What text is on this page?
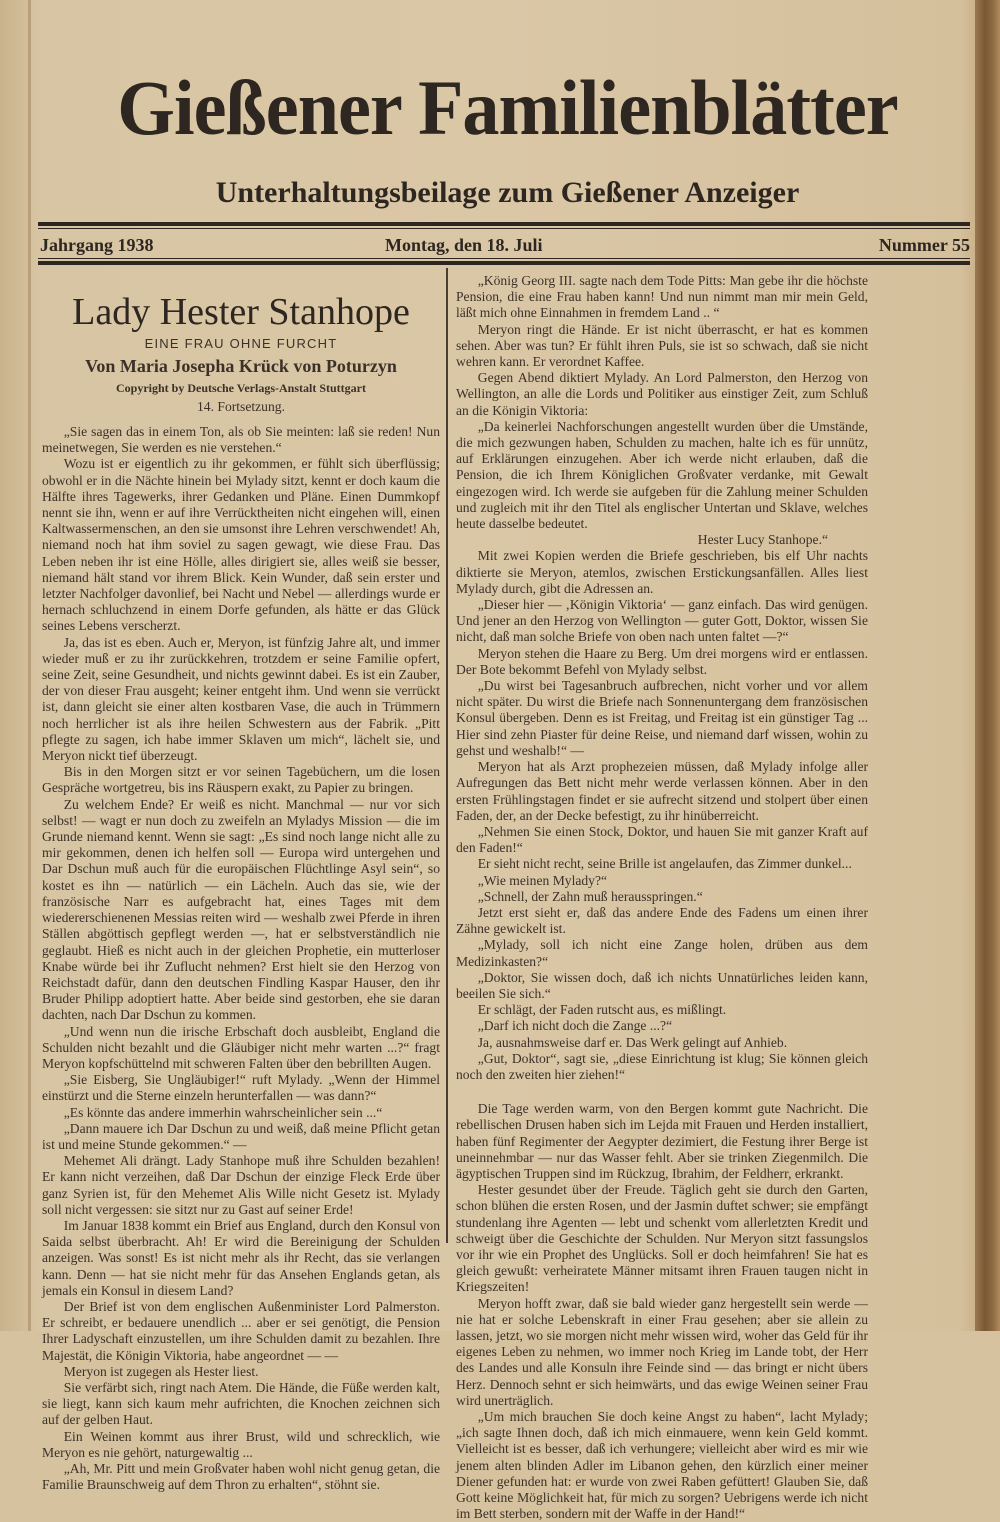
Gießener Familienblätter
Unterhaltungsbeilage zum Gießener Anzeiger
Jahrgang 1938	Montag, den 18. Juli	Nummer 55
Lady Hester Stanhope
EINE FRAU OHNE FURCHT
Von Maria Josepha Krück von Poturzyn
Copyright by Deutsche Verlags-Anstalt Stuttgart
14. Fortsetzung.

„Sie sagen das in einem Ton, als ob Sie meinten: laß sie reden! Nun meinetwegen, Sie werden es nie verstehen.“

Wozu ist er eigentlich zu ihr gekommen, er fühlt sich überflüssig; obwohl er in die Nächte hinein bei Mylady sitzt, kennt er doch kaum die Hälfte ihres Tagewerks, ihrer Gedanken und Pläne. Einen Dummkopf nennt sie ihn, wenn er auf ihre Verrücktheiten nicht eingehen will, einen Kaltwassermenschen, an den sie umsonst ihre Lehren verschwendet! Ah, niemand noch hat ihm soviel zu sagen gewagt, wie diese Frau. Das Leben neben ihr ist eine Hölle, alles dirigiert sie, alles weiß sie besser, niemand hält stand vor ihrem Blick. Kein Wunder, daß sein erster und letzter Nachfolger davonlief, bei Nacht und Nebel — allerdings wurde er hernach schluchzend in einem Dorfe gefunden, als hätte er das Glück seines Lebens verscherzt.

Ja, das ist es eben. Auch er, Meryon, ist fünfzig Jahre alt, und immer wieder muß er zu ihr zurückkehren, trotzdem er seine Familie opfert, seine Zeit, seine Gesundheit, und nichts gewinnt dabei. Es ist ein Zauber, der von dieser Frau ausgeht; keiner entgeht ihm. Und wenn sie verrückt ist, dann gleicht sie einer alten kostbaren Vase, die auch in Trümmern noch herrlicher ist als ihre heilen Schwestern aus der Fabrik. „Pitt pflegte zu sagen, ich habe immer Sklaven um mich“, lächelt sie, und Meryon nickt tief überzeugt.

Bis in den Morgen sitzt er vor seinen Tagebüchern, um die losen Gespräche wortgetreu, bis ins Räuspern exakt, zu Papier zu bringen.

Zu welchem Ende? Er weiß es nicht. Manchmal — nur vor sich selbst! — wagt er nun doch zu zweifeln an Myladys Mission — die im Grunde niemand kennt. Wenn sie sagt: „Es sind noch lange nicht alle zu mir gekommen, denen ich helfen soll — Europa wird untergehen und Dar Dschun muß auch für die europäischen Flüchtlinge Asyl sein“, so kostet es ihn — natürlich — ein Lächeln. Auch das sie, wie der französische Narr es aufgebracht hat, eines Tages mit dem wiedererschienenen Messias reiten wird — weshalb zwei Pferde in ihren Ställen abgöttisch gepflegt werden —, hat er selbstverständlich nie geglaubt. Hieß es nicht auch in der gleichen Prophetie, ein mutterloser Knabe würde bei ihr Zuflucht nehmen? Erst hielt sie den Herzog von Reichstadt dafür, dann den deutschen Findling Kaspar Hauser, den ihr Bruder Philipp adoptiert hatte. Aber beide sind gestorben, ehe sie daran dachten, nach Dar Dschun zu kommen.

„Und wenn nun die irische Erbschaft doch ausbleibt, England die Schulden nicht bezahlt und die Gläubiger nicht mehr warten ...?“ fragt Meryon kopfschüttelnd mit schweren Falten über den bebrillten Augen.

„Sie Eisberg, Sie Ungläubiger!“ ruft Mylady. „Wenn der Himmel einstürzt und die Sterne einzeln herunterfallen — was dann?“

„Es könnte das andere immerhin wahrscheinlicher sein ...“

„Dann mauere ich Dar Dschun zu und weiß, daß meine Pflicht getan ist und meine Stunde gekommen.“ —

Mehemet Ali drängt. Lady Stanhope muß ihre Schulden bezahlen! Er kann nicht verzeihen, daß Dar Dschun der einzige Fleck Erde über ganz Syrien ist, für den Mehemet Alis Wille nicht Gesetz ist. Mylady soll nicht vergessen: sie sitzt nur zu Gast auf seiner Erde!

Im Januar 1838 kommt ein Brief aus England, durch den Konsul von Saida selbst überbracht. Ah! Er wird die Bereinigung der Schulden anzeigen. Was sonst! Es ist nicht mehr als ihr Recht, das sie verlangen kann. Denn — hat sie nicht mehr für das Ansehen Englands getan, als jemals ein Konsul in diesem Land?

Der Brief ist von dem englischen Außenminister Lord Palmerston. Er schreibt, er bedauere unendlich ... aber er sei genötigt, die Pension Ihrer Ladyschaft einzustellen, um ihre Schulden damit zu bezahlen. Ihre Majestät, die Königin Viktoria, habe angeordnet — —

Meryon ist zugegen als Hester liest.

Sie verfärbt sich, ringt nach Atem. Die Hände, die Füße werden kalt, sie liegt, kann sich kaum mehr aufrichten, die Knochen zeichnen sich auf der gelben Haut.

Ein Weinen kommt aus ihrer Brust, wild und schrecklich, wie Meryon es nie gehört, naturgewaltig ...

„Ah, Mr. Pitt und mein Großvater haben wohl nicht genug getan, die Familie Braunschweig auf dem Thron zu erhalten“, stöhnt sie.

„König Georg III. sagte nach dem Tode Pitts: Man gebe ihr die höchste Pension, die eine Frau haben kann! Und nun nimmt man mir mein Geld, läßt mich ohne Einnahmen in fremdem Land .. “

Meryon ringt die Hände. Er ist nicht überrascht, er hat es kommen sehen. Aber was tun? Er fühlt ihren Puls, sie ist so schwach, daß sie nicht wehren kann. Er verordnet Kaffee.

Gegen Abend diktiert Mylady. An Lord Palmerston, den Herzog von Wellington, an alle die Lords und Politiker aus einstiger Zeit, zum Schluß an die Königin Viktoria:

„Da keinerlei Nachforschungen angestellt wurden über die Umstände, die mich gezwungen haben, Schulden zu machen, halte ich es für unnütz, auf Erklärungen einzugehen. Aber ich werde nicht erlauben, daß die Pension, die ich Ihrem Königlichen Großvater verdanke, mit Gewalt eingezogen wird. Ich werde sie aufgeben für die Zahlung meiner Schulden und zugleich mit ihr den Titel als englischer Untertan und Sklave, welches heute dasselbe bedeutet.

Hester Lucy Stanhope.“

Mit zwei Kopien werden die Briefe geschrieben, bis elf Uhr nachts diktierte sie Meryon, atemlos, zwischen Erstickungsanfällen. Alles liest Mylady durch, gibt die Adressen an.

„Dieser hier — ‚Königin Viktoria‘ — ganz einfach. Das wird genügen. Und jener an den Herzog von Wellington — guter Gott, Doktor, wissen Sie nicht, daß man solche Briefe von oben nach unten faltet —?“

Meryon stehen die Haare zu Berg. Um drei morgens wird er entlassen. Der Bote bekommt Befehl von Mylady selbst.

„Du wirst bei Tagesanbruch aufbrechen, nicht vorher und vor allem nicht später. Du wirst die Briefe nach Sonnenuntergang dem französischen Konsul übergeben. Denn es ist Freitag, und Freitag ist ein günstiger Tag ... Hier sind zehn Piaster für deine Reise, und niemand darf wissen, wohin zu gehst und weshalb!“ —

Meryon hat als Arzt prophezeien müssen, daß Mylady infolge aller Aufregungen das Bett nicht mehr werde verlassen können. Aber in den ersten Frühlingstagen findet er sie aufrecht sitzend und stolpert über einen Faden, der, an der Decke befestigt, zu ihr hinüberreicht.

„Nehmen Sie einen Stock, Doktor, und hauen Sie mit ganzer Kraft auf den Faden!“

Er sieht nicht recht, seine Brille ist angelaufen, das Zimmer dunkel...

„Wie meinen Mylady?“

„Schnell, der Zahn muß herausspringen.“

Jetzt erst sieht er, daß das andere Ende des Fadens um einen ihrer Zähne gewickelt ist.

„Mylady, soll ich nicht eine Zange holen, drüben aus dem Medizinkasten?“

„Doktor, Sie wissen doch, daß ich nichts Unnatürliches leiden kann, beeilen Sie sich.“

Er schlägt, der Faden rutscht aus, es mißlingt.

„Darf ich nicht doch die Zange ...?“

Ja, ausnahmsweise darf er. Das Werk gelingt auf Anhieb.

„Gut, Doktor“, sagt sie, „diese Einrichtung ist klug; Sie können gleich noch den zweiten hier ziehen!“

Die Tage werden warm, von den Bergen kommt gute Nachricht. Die rebellischen Drusen haben sich im Lejda mit Frauen und Herden installiert, haben fünf Regimenter der Aegypter dezimiert, die Festung ihrer Berge ist uneinnehmbar — nur das Wasser fehlt. Aber sie trinken Ziegenmilch. Die ägyptischen Truppen sind im Rückzug, Ibrahim, der Feldherr, erkrankt.

Hester gesundet über der Freude. Täglich geht sie durch den Garten, schon blühen die ersten Rosen, und der Jasmin duftet schwer; sie empfängt stundenlang ihre Agenten — lebt und schenkt vom allerletzten Kredit und schweigt über die Geschichte der Schulden. Nur Meryon sitzt fassungslos vor ihr wie ein Prophet des Unglücks. Soll er doch heimfahren! Sie hat es gleich gewußt: verheiratete Männer mitsamt ihren Frauen taugen nicht in Kriegszeiten!

Meryon hofft zwar, daß sie bald wieder ganz hergestellt sein werde — nie hat er solche Lebenskraft in einer Frau gesehen; aber sie allein zu lassen, jetzt, wo sie morgen nicht mehr wissen wird, woher das Geld für ihr eigenes Leben zu nehmen, wo immer noch Krieg im Lande tobt, der Herr des Landes und alle Konsuln ihre Feinde sind — das bringt er nicht übers Herz. Dennoch sehnt er sich heimwärts, und das ewige Weinen seiner Frau wird unerträglich.

„Um mich brauchen Sie doch keine Angst zu haben“, lacht Mylady; „ich sagte Ihnen doch, daß ich mich einmauere, wenn kein Geld kommt. Vielleicht ist es besser, daß ich verhungere; vielleicht aber wird es mir wie jenem alten blinden Adler im Libanon gehen, den kürzlich einer meiner Diener gefunden hat: er wurde von zwei Raben gefüttert! Glauben Sie, daß Gott keine Möglichkeit hat, für mich zu sorgen? Uebrigens werde ich nicht im Bett sterben, sondern mit der Waffe in der Hand!“
